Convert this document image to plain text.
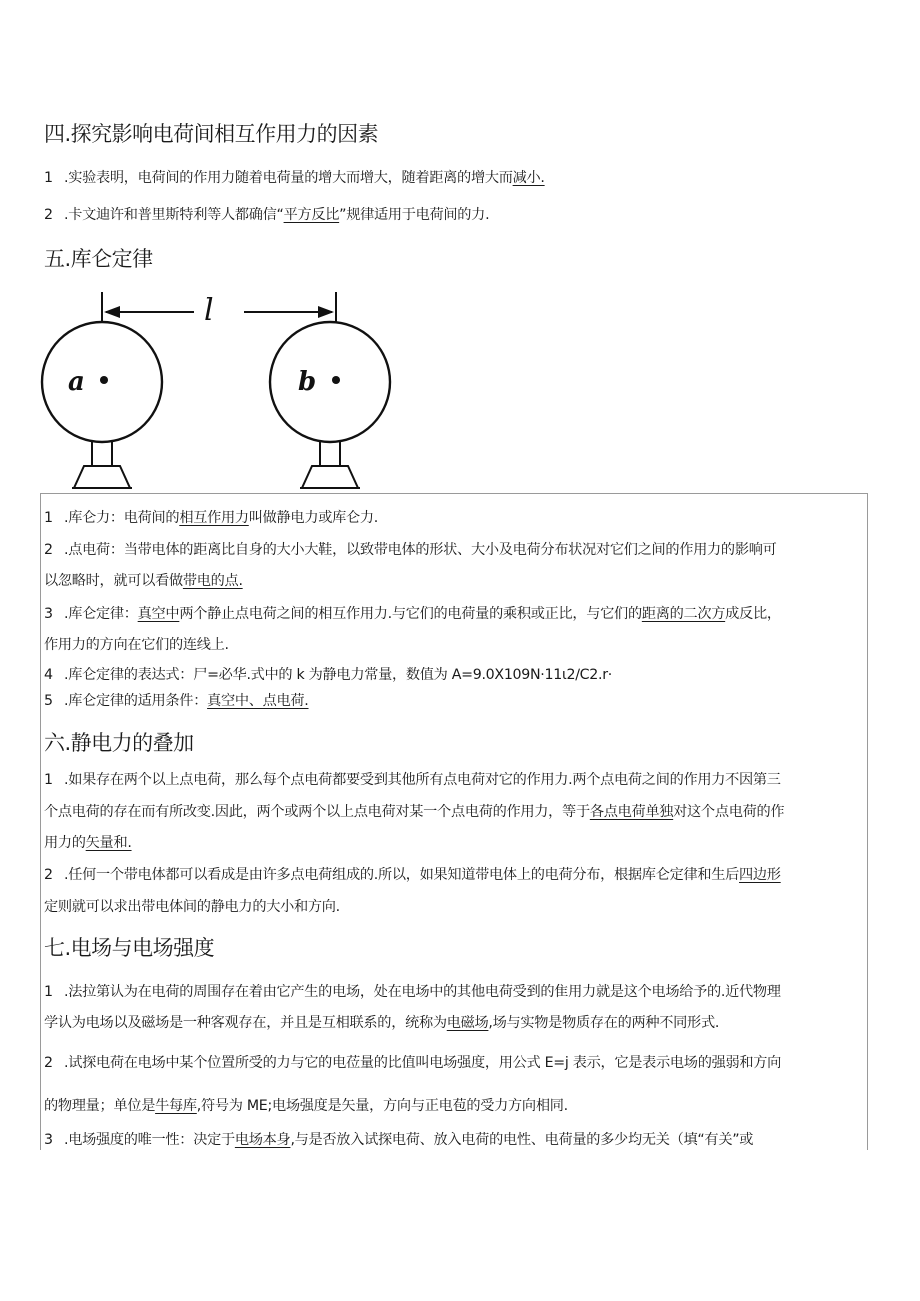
四.探究影响电荷间相互作用力的因素
1 .实验表明，电荷间的作用力随着电荷量的增大而增大，随着距离的增大而减小.
2 .卡文迪许和普里斯特利等人都确信“平方反比”规律适用于电荷间的力.
五.库仑定律
l
a	b
1 .库仑力：电荷间的相互作用力叫做静电力或库仑力.
2 .点电荷：当带电体的距离比自身的大小大鞋，以致带电体的形状、大小及电荷分布状况对它们之间的作用力的影响可
以忽略时，就可以看做带电的点.
3 .库仑定律：真空中两个静止点电荷之间的相互作用力.与它们的电荷量的乘积或正比，与它们的距离的二次方成反比，
作用力的方向在它们的连线上.
4 .库仑定律的表达式：尸=必华.式中的 k 为静电力常量，数值为 A=9.0X109N·11ι2∕C2.r·
5 .库仑定律的适用条件：真空中、点电荷.
六.静电力的叠加
1 .如果存在两个以上点电荷，那么每个点电荷都要受到其他所有点电荷对它的作用力.两个点电荷之间的作用力不因第三
个点电荷的存在而有所改变.因此，两个或两个以上点电荷对某一个点电荷的作用力，等于各点电荷单独对这个点电荷的作
用力的矢量和.
2 .任何一个带电体都可以看成是由许多点电荷组成的.所以，如果知道带电体上的电荷分布，根据库仑定律和生后四边形
定则就可以求出带电体间的静电力的大小和方向.
七.电场与电场强度
1 .法拉第认为在电荷的周围存在着由它产生的电场，处在电场中的其他电荷受到的隹用力就是这个电场给予的.近代物理
学认为电场以及磁场是一种客观存在，并且是互相联系的，统称为电磁场,场与实物是物质存在的两种不同形式.
2 .试探电荷在电场中某个位置所受的力与它的电莅量的比值叫电场强度，用公式 E=j 表示，它是表示电场的强弱和方向
的物理量；单位是牛每库,符号为 ME;电场强度是矢量，方向与正电苞的受力方向相同.
3 .电场强度的唯一性：决定于电场本身,与是否放入试探电荷、放入电荷的电性、电荷量的多少均无关（填“有关”或
